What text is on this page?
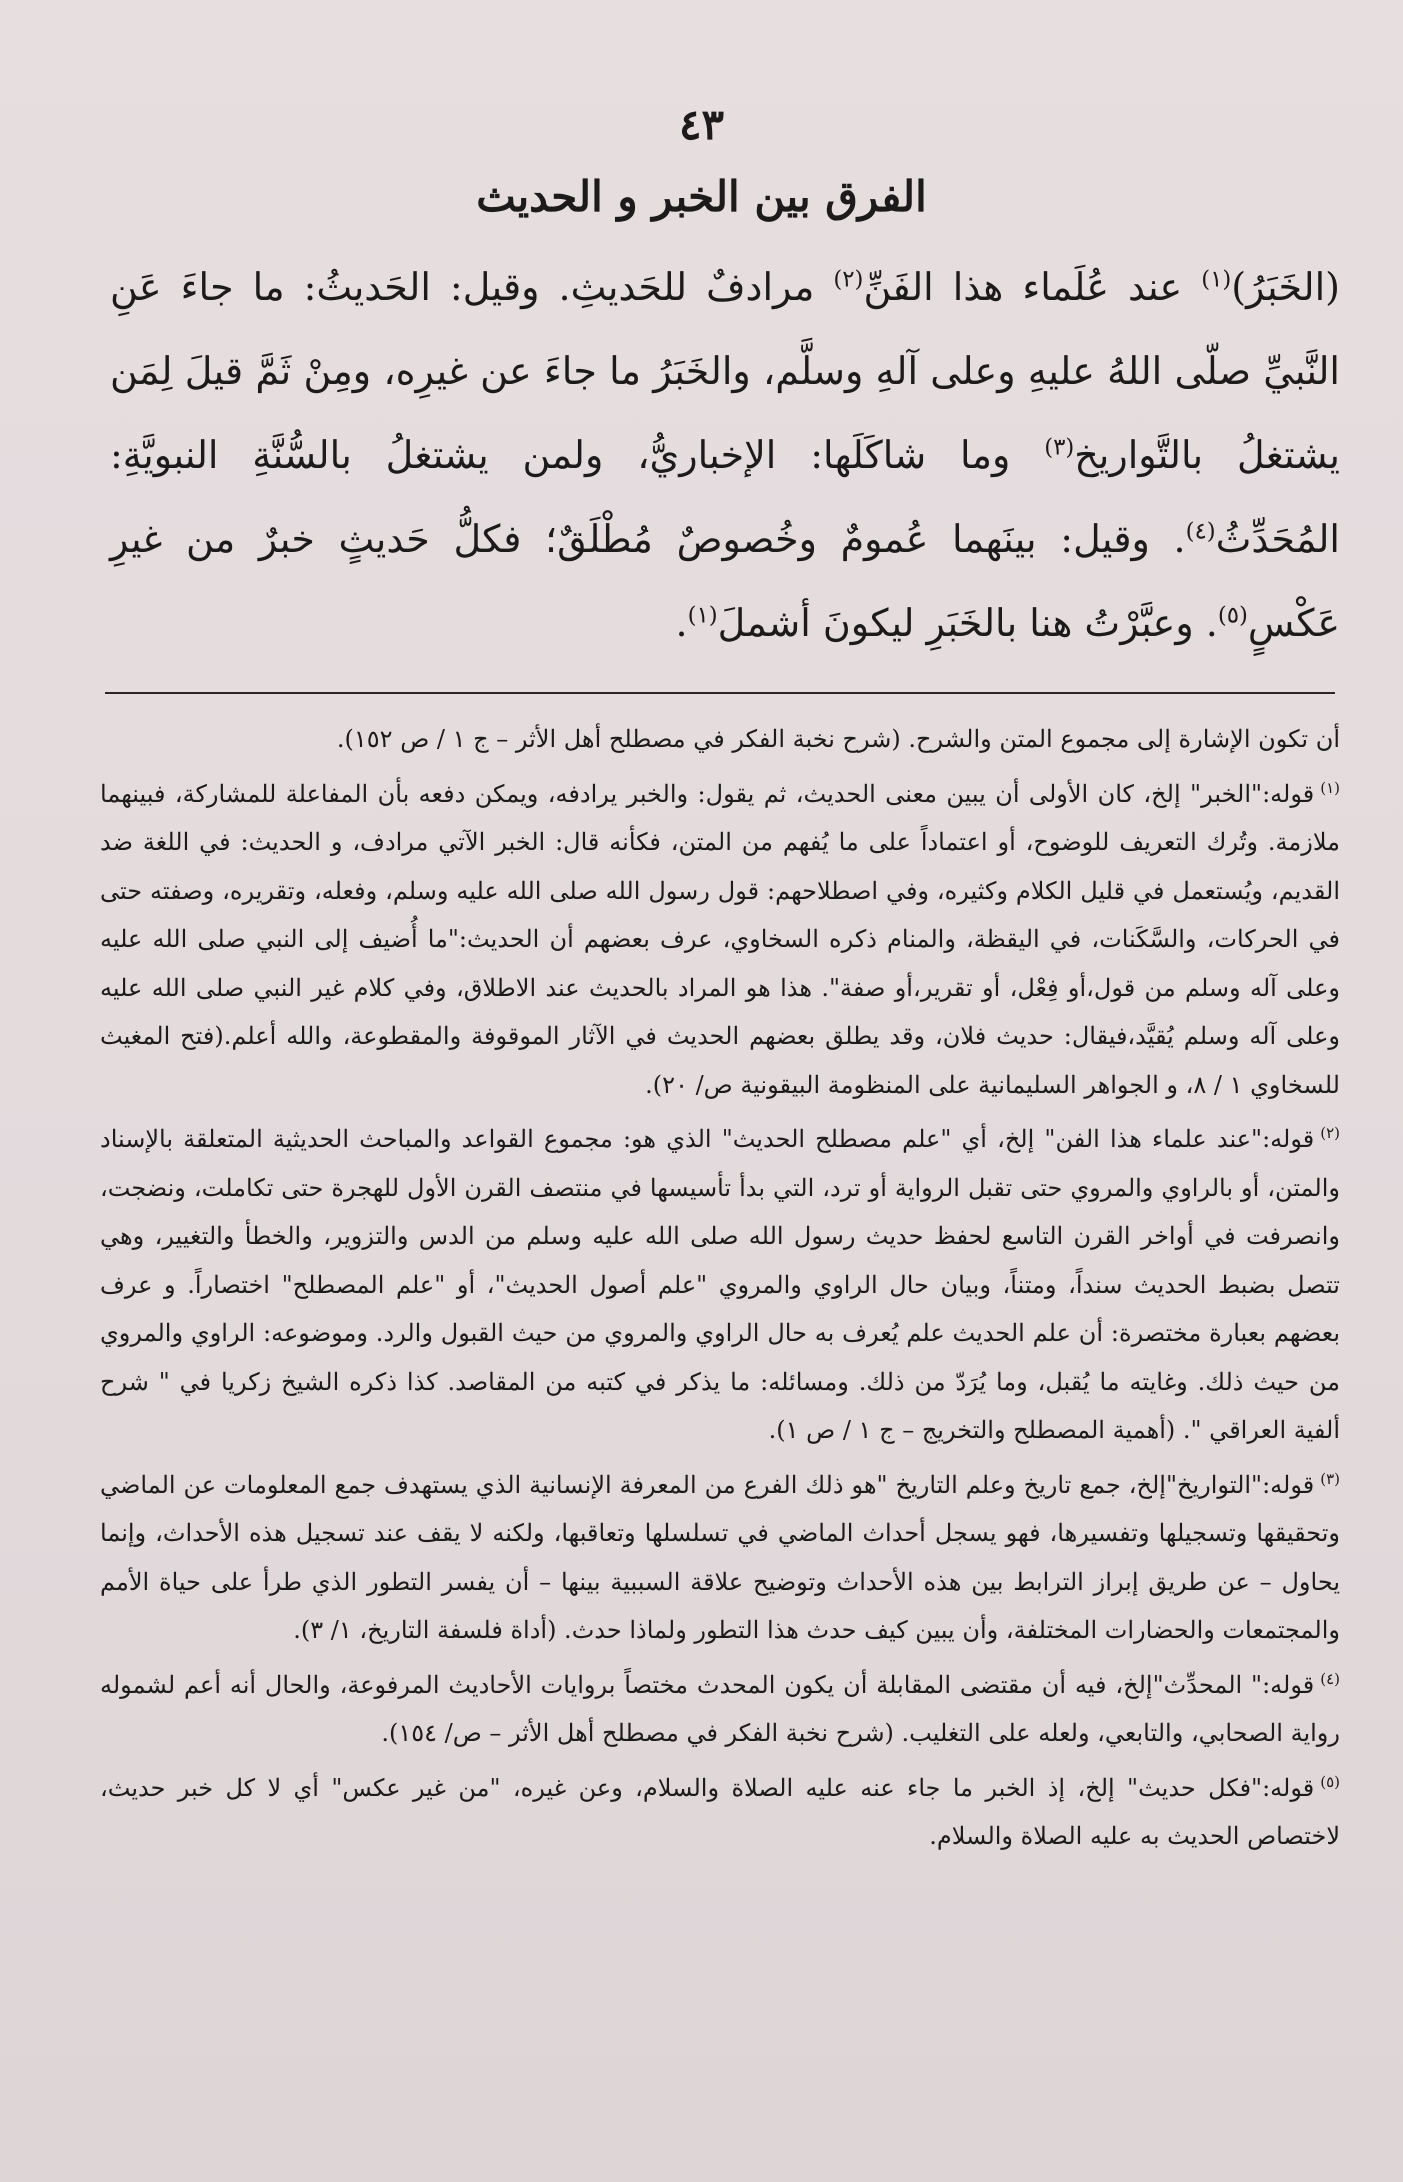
٤٣
الفرق بين الخبر و الحديث
(الخَبَرُ)$^{(١)}$ عند عُلَماء هذا الفَنِّ$^{(٢)}$ مرادفٌ للحَديثِ. وقيل: الحَديثُ: ما جاءَ عَنِ النَّبيِّ صلّى اللهُ عليهِ وعلى آلهِ وسلَّم، والخَبَرُ ما جاءَ عن غيرِه، ومِنْ ثَمَّ قيلَ لِمَن يشتغلُ بالتَّواريخ$^{(٣)}$ وما شاكَلَها: الإخباريُّ، ولمن يشتغلُ بالسُّنَّةِ النبويَّةِ: المُحَدِّثُ$^{(٤)}$. وقيل: بينَهما عُمومٌ وخُصوصٌ مُطْلَقٌ؛ فكلُّ حَديثٍ خبرٌ من غيرِ عَكْسٍ$^{(٥)}$. وعبَّرْتُ هنا بالخَبَرِ ليكونَ أشملَ$^{(١)}$.

أن تكون الإشارة إلى مجموع المتن والشرح. (شرح نخبة الفكر في مصطلح أهل الأثر – ج ١ / ص ١٥٢).

$^{(١)}$قوله:"الخبر" إلخ، كان الأولى أن يبين معنى الحديث، ثم يقول: والخبر يرادفه، ويمكن دفعه بأن المفاعلة للمشاركة، فبينهما ملازمة. وتُرك التعريف للوضوح، أو اعتماداً على ما يُفهم من المتن، فكأنه قال: الخبر الآتي مرادف، و الحديث: في اللغة ضد القديم، ويُستعمل في قليل الكلام وكثيره، وفي اصطلاحهم: قول رسول الله صلى الله عليه وسلم، وفعله، وتقريره، وصفته حتى في الحركات، والسَّكَنات، في اليقظة، والمنام ذكره السخاوي، عرف بعضهم أن الحديث:"ما أُضيف إلى النبي صلى الله عليه وعلى آله وسلم من قول،أو فِعْل، أو تقرير،أو صفة". هذا هو المراد بالحديث عند الاطلاق، وفي كلام غير النبي صلى الله عليه وعلى آله وسلم يُقيَّد،فيقال: حديث فلان، وقد يطلق بعضهم الحديث في الآثار الموقوفة والمقطوعة، والله أعلم.(فتح المغيث للسخاوي ١ / ٨، و الجواهر السليمانية على المنظومة البيقونية ص/ ٢٠).

$^{(٢)}$قوله:"عند علماء هذا الفن" إلخ، أي "علم مصطلح الحديث" الذي هو: مجموع القواعد والمباحث الحديثية المتعلقة بالإسناد والمتن، أو بالراوي والمروي حتى تقبل الرواية أو ترد، التي بدأ تأسيسها في منتصف القرن الأول للهجرة حتى تكاملت، ونضجت، وانصرفت في أواخر القرن التاسع لحفظ حديث رسول الله صلى الله عليه وسلم من الدس والتزوير، والخطأ والتغيير، وهي تتصل بضبط الحديث سنداً، ومتناً، وبيان حال الراوي والمروي "علم أصول الحديث"، أو "علم المصطلح" اختصاراً. و عرف بعضهم بعبارة مختصرة: أن علم الحديث علم يُعرف به حال الراوي والمروي من حيث القبول والرد. وموضوعه: الراوي والمروي من حيث ذلك. وغايته ما يُقبل، وما يُرَدّ من ذلك. ومسائله: ما يذكر في كتبه من المقاصد. كذا ذكره الشيخ زكريا في " شرح ألفية العراقي ". (أهمية المصطلح والتخريج – ج ١ / ص ١).

$^{(٣)}$قوله:"التواريخ"إلخ، جمع تاريخ وعلم التاريخ "هو ذلك الفرع من المعرفة الإنسانية الذي يستهدف جمع المعلومات عن الماضي وتحقيقها وتسجيلها وتفسيرها، فهو يسجل أحداث الماضي في تسلسلها وتعاقبها، ولكنه لا يقف عند تسجيل هذه الأحداث، وإنما يحاول – عن طريق إبراز الترابط بين هذه الأحداث وتوضيح علاقة السببية بينها – أن يفسر التطور الذي طرأ على حياة الأمم والمجتمعات والحضارات المختلفة، وأن يبين كيف حدث هذا التطور ولماذا حدث. (أداة فلسفة التاريخ، ١/ ٣).

$^{(٤)}$قوله:" المحدِّث"إلخ، فيه أن مقتضى المقابلة أن يكون المحدث مختصاً بروايات الأحاديث المرفوعة، والحال أنه أعم لشموله رواية الصحابي، والتابعي، ولعله على التغليب. (شرح نخبة الفكر في مصطلح أهل الأثر – ص/ ١٥٤).

$^{(٥)}$قوله:"فكل حديث" إلخ، إذ الخبر ما جاء عنه عليه الصلاة والسلام، وعن غيره، "من غير عكس" أي لا كل خبر حديث، لاختصاص الحديث به عليه الصلاة والسلام.
